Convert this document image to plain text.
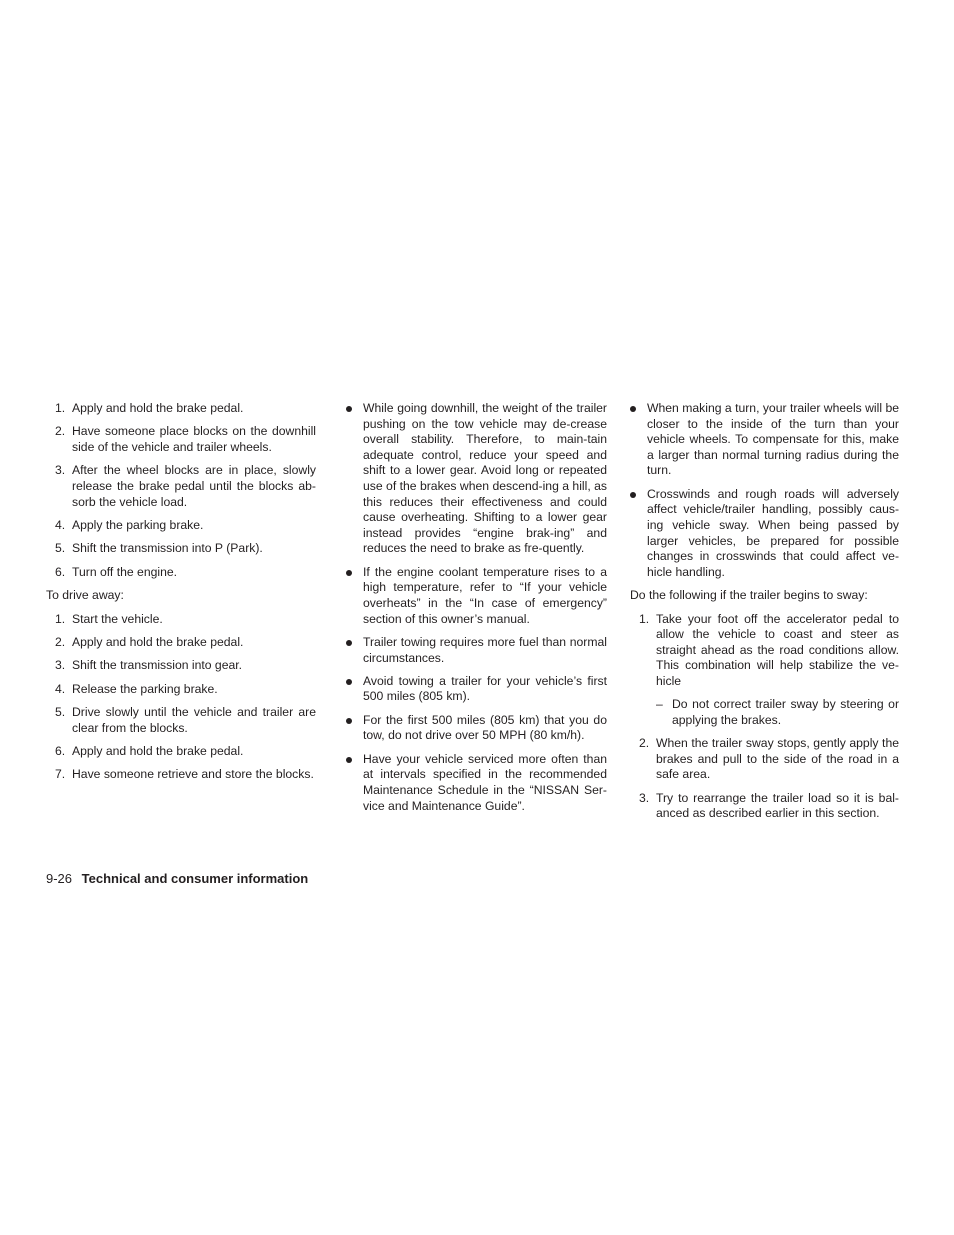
1. Apply and hold the brake pedal.
2. Have someone place blocks on the downhill side of the vehicle and trailer wheels.
3. After the wheel blocks are in place, slowly release the brake pedal until the blocks ab-sorb the vehicle load.
4. Apply the parking brake.
5. Shift the transmission into P (Park).
6. Turn off the engine.

To drive away:

1. Start the vehicle.
2. Apply and hold the brake pedal.
3. Shift the transmission into gear.
4. Release the parking brake.
5. Drive slowly until the vehicle and trailer are clear from the blocks.
6. Apply and hold the brake pedal.
7. Have someone retrieve and store the blocks.
While going downhill, the weight of the trailer pushing on the tow vehicle may de-crease overall stability. Therefore, to main-tain adequate control, reduce your speed and shift to a lower gear. Avoid long or repeated use of the brakes when descend-ing a hill, as this reduces their effectiveness and could cause overheating. Shifting to a lower gear instead provides “engine brak-ing” and reduces the need to brake as fre-quently.
If the engine coolant temperature rises to a high temperature, refer to “If your vehicle overheats” in the “In case of emergency” section of this owner’s manual.
Trailer towing requires more fuel than normal circumstances.
Avoid towing a trailer for your vehicle’s first 500 miles (805 km).
For the first 500 miles (805 km) that you do tow, do not drive over 50 MPH (80 km/h).
Have your vehicle serviced more often than at intervals specified in the recommended Maintenance Schedule in the “NISSAN Ser-vice and Maintenance Guide”.
When making a turn, your trailer wheels will be closer to the inside of the turn than your vehicle wheels. To compensate for this, make a larger than normal turning radius during the turn.
Crosswinds and rough roads will adversely affect vehicle/trailer handling, possibly caus-ing vehicle sway. When being passed by larger vehicles, be prepared for possible changes in crosswinds that could affect ve-hicle handling.

Do the following if the trailer begins to sway:

1. Take your foot off the accelerator pedal to allow the vehicle to coast and steer as straight ahead as the road conditions allow. This combination will help stabilize the ve-hicle
– Do not correct trailer sway by steering or applying the brakes.
2. When the trailer sway stops, gently apply the brakes and pull to the side of the road in a safe area.
3. Try to rearrange the trailer load so it is bal-anced as described earlier in this section.
9-26 Technical and consumer information
